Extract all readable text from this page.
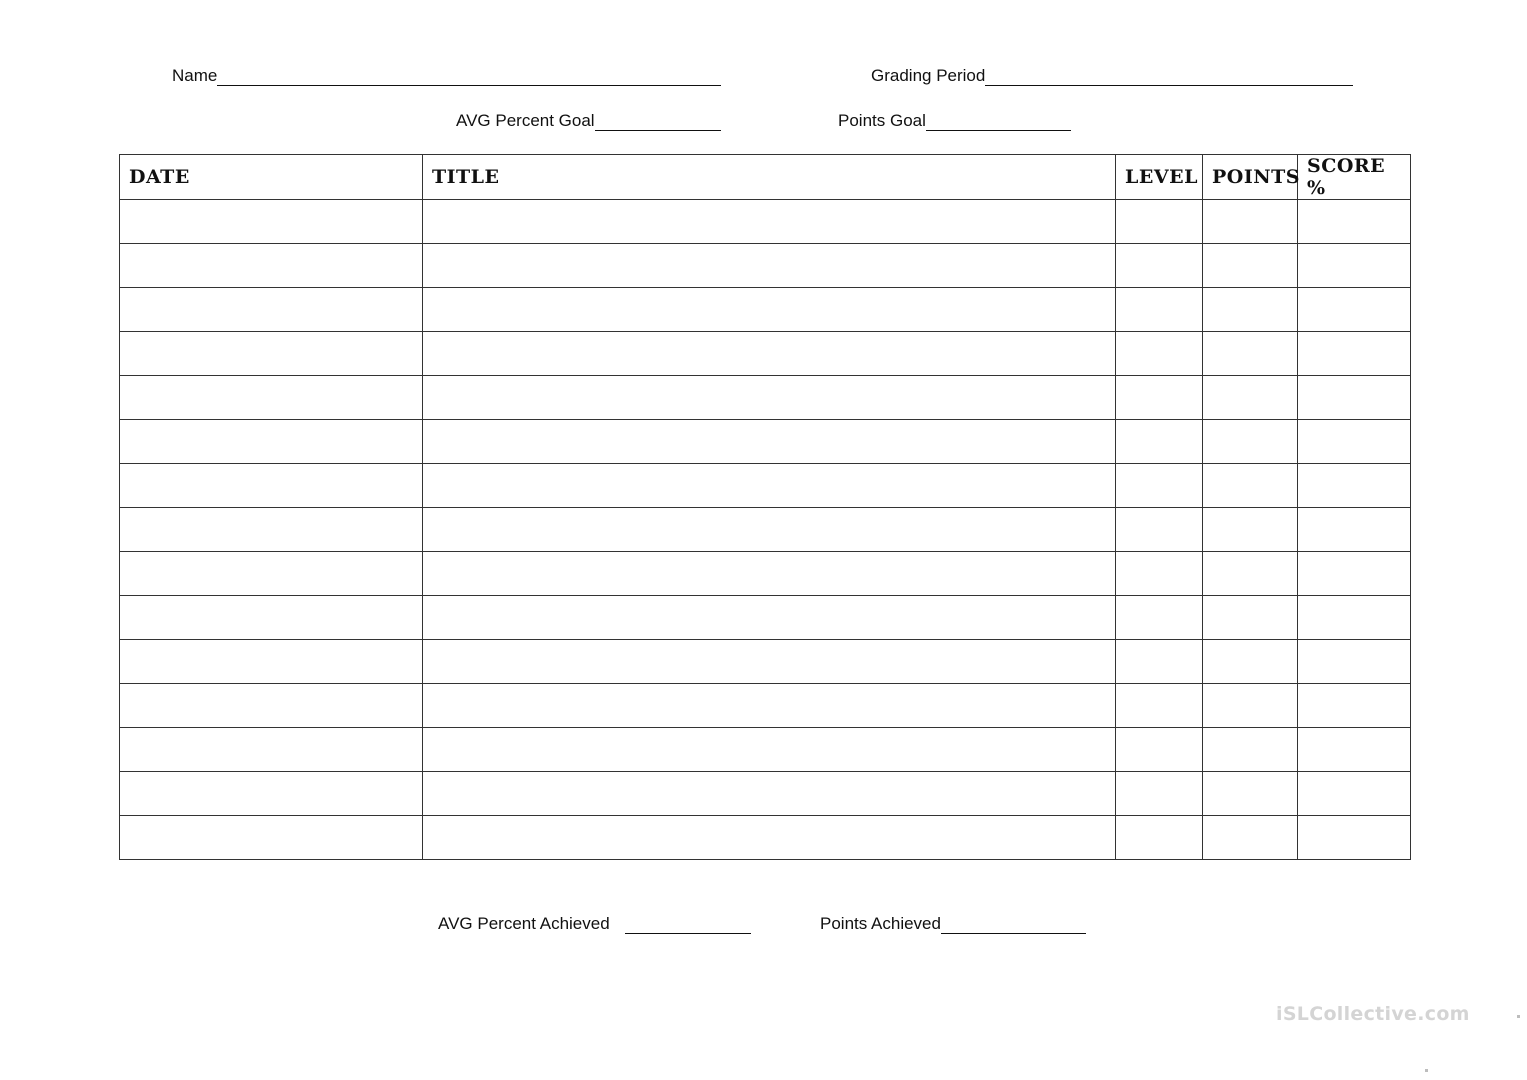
Name	Grading Period
AVG Percent Goal	Points Goal
DATE	TITLE	LEVEL	POINTS	SCORE %

AVG Percent Achieved	Points Achieved
iSLCollective.com
